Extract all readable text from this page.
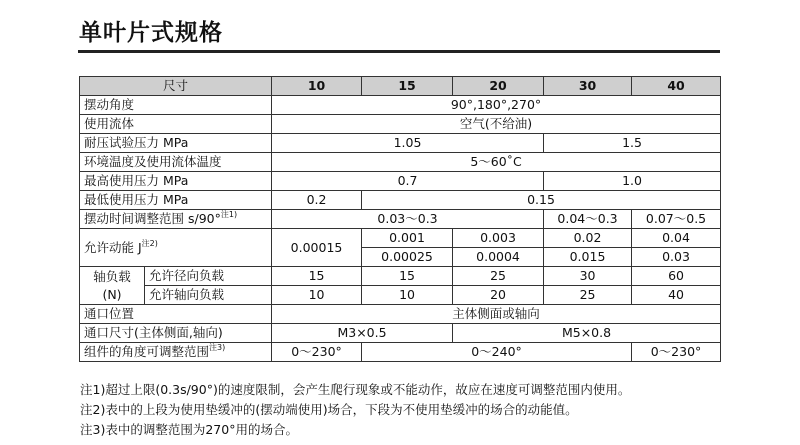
单叶片式规格
尺寸		10	15	20	30	40
摆动角度		90°,180°,270°				
使用流体		空气(不给油)				
耐压试验压力 MPa		1.05			1.5	
环境温度及使用流体温度		5～60˚C				
最高使用压力 MPa		0.7			1.0	
最低使用压力 MPa		0.2	0.15			
摆动时间调整范围 s/90°$^{注1)}$		0.03～0.3			0.04～0.3	0.07～0.5
允许动能 $J^{注2)}$		0.00015	0.001	0.003	0.02	0.04
			0.00025	0.0004	0.015	0.03
轴负载
(N)	允许径向负载	15	15	25	30	60
	允许轴向负载	10	10	20	25	40
通口位置		主体侧面或轴向				
通口尺寸(主体侧面,轴向)		M3×0.5		M5×0.8		
组件的角度可调整范围$^{注3)}$		0～230°	0～240°			0～230°
注1)超过上限(0.3s/90°)的速度限制，会产生爬行现象或不能动作，故应在速度可调整范围内使用。
注2)表中的上段为使用垫缓冲的(摆动端使用)场合，下段为不使用垫缓冲的场合的动能值。
注3)表中的调整范围为270°用的场合。
